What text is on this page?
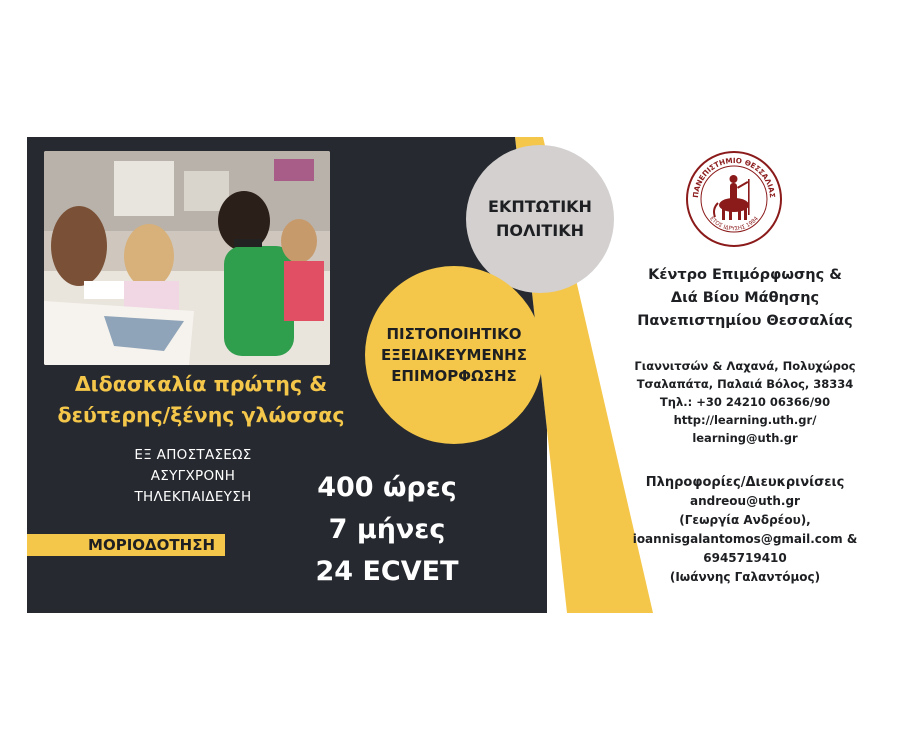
Διδασκαλία πρώτης &
δεύτερης/ξένης γλώσσας
ΕΞ ΑΠΟΣΤΑΣΕΩΣ
ΑΣΥΓΧΡΟΝΗ
ΤΗΛΕΚΠΑΙΔΕΥΣΗ
ΜΟΡΙΟΔΟΤΗΣΗ
400 ώρες
7 μήνες
24 ECVET
ΕΚΠΤΩΤΙΚΗ
ΠΟΛΙΤΙΚΗ
ΠΙΣΤΟΠΟΙΗΤΙΚΟ
ΕΞΕΙΔΙΚΕΥΜΕΝΗΣ
ΕΠΙΜΟΡΦΩΣΗΣ
ΠΑΝΕΠΙΣΤΗΜΙΟ ΘΕΣΣΑΛΙΑΣ
ΕΤΟΣ ΙΔΡΥΣΗΣ 1984
Κέντρο Επιμόρφωσης &
Διά Βίου Μάθησης
Πανεπιστημίου Θεσσαλίας
Γιαννιτσών & Λαχανά, Πολυχώρος
Τσαλαπάτα, Παλαιά Βόλος, 38334
Τηλ.: +30 24210 06366/90
http://learning.uth.gr/
learning@uth.gr
Πληροφορίες/Διευκρινίσεις
andreou@uth.gr
(Γεωργία Ανδρέου),
ioannisgalantomos@gmail.com &
6945719410
(Ιωάννης Γαλαντόμος)
